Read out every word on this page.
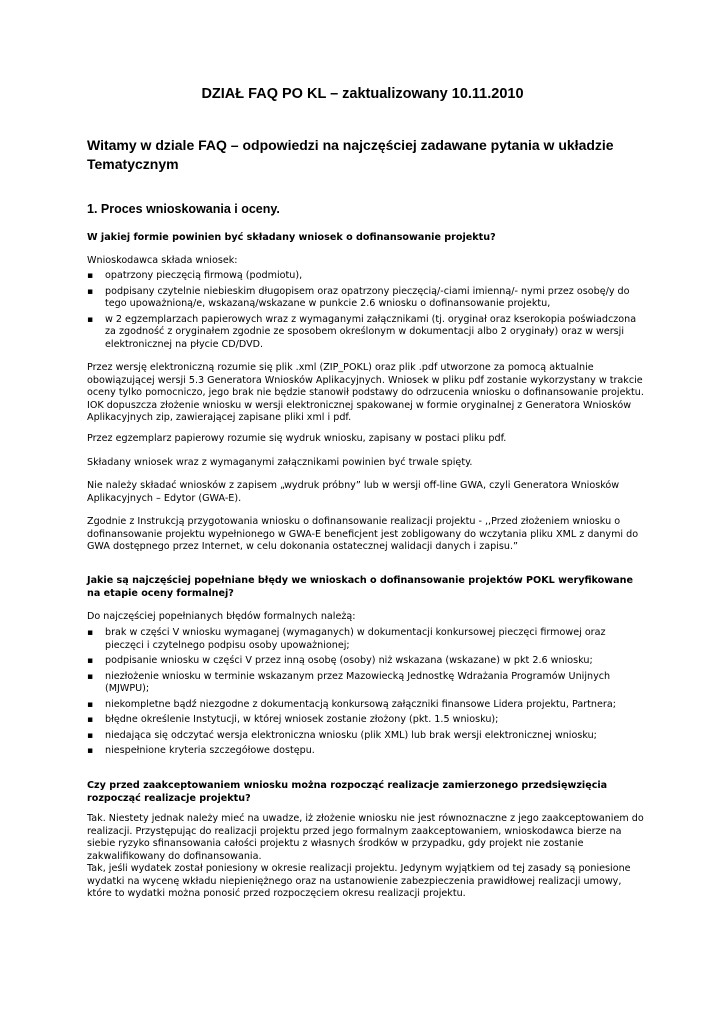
DZIAŁ FAQ PO KL – zaktualizowany 10.11.2010
Witamy w dziale FAQ – odpowiedzi na najczęściej zadawane pytania w układzie Tematycznym
1. Proces wnioskowania i oceny.
W jakiej formie powinien być składany wniosek o dofinansowanie projektu?
Wnioskodawca składa wniosek:
▪ opatrzony pieczęcią firmową (podmiotu),
▪ podpisany czytelnie niebieskim długopisem oraz opatrzony pieczęcią/-ciami imienną/- nymi przez osobę/y do tego upoważnioną/e, wskazaną/wskazane w punkcie 2.6 wniosku o dofinansowanie projektu,
▪ w 2 egzemplarzach papierowych wraz z wymaganymi załącznikami (tj. oryginał oraz kserokopia poświadczona za zgodność z oryginałem zgodnie ze sposobem określonym w dokumentacji albo 2 oryginały) oraz w wersji elektronicznej na płycie CD/DVD.
Przez wersję elektroniczną rozumie się plik .xml (ZIP_POKL) oraz plik .pdf utworzone za pomocą aktualnie obowiązującej wersji 5.3 Generatora Wniosków Aplikacyjnych. Wniosek w pliku pdf zostanie wykorzystany w trakcie oceny tylko pomocniczo, jego brak nie będzie stanowił podstawy do odrzucenia wniosku o dofinansowanie projektu. IOK dopuszcza złożenie wniosku w wersji elektronicznej spakowanej w formie oryginalnej z Generatora Wniosków Aplikacyjnych zip, zawierającej zapisane pliki xml i pdf.
Przez egzemplarz papierowy rozumie się wydruk wniosku, zapisany w postaci pliku pdf.
Składany wniosek wraz z wymaganymi załącznikami powinien być trwale spięty.
Nie należy składać wniosków z zapisem „wydruk próbny” lub w wersji off-line GWA, czyli Generatora Wniosków Aplikacyjnych – Edytor (GWA-E).
Zgodnie z Instrukcją przygotowania wniosku o dofinansowanie realizacji projektu - ,,Przed złożeniem wniosku o dofinansowanie projektu wypełnionego w GWA-E beneficjent jest zobligowany do wczytania pliku XML z danymi do GWA dostępnego przez Internet, w celu dokonania ostatecznej walidacji danych i zapisu.”
Jakie są najczęściej popełniane błędy we wnioskach o dofinansowanie projektów POKL weryfikowane na etapie oceny formalnej?
Do najczęściej popełnianych błędów formalnych należą:
▪ brak w części V wniosku wymaganej (wymaganych) w dokumentacji konkursowej pieczęci firmowej oraz pieczęci i czytelnego podpisu osoby upoważnionej;
▪ podpisanie wniosku w części V przez inną osobę (osoby) niż wskazana (wskazane) w pkt 2.6 wniosku;
▪ niezłożenie wniosku w terminie wskazanym przez Mazowiecką Jednostkę Wdrażania Programów Unijnych (MJWPU);
▪ niekompletne bądź niezgodne z dokumentacją konkursową załączniki finansowe Lidera projektu, Partnera;
▪ błędne określenie Instytucji, w której wniosek zostanie złożony (pkt. 1.5 wniosku);
▪ niedająca się odczytać wersja elektroniczna wniosku (plik XML) lub brak wersji elektronicznej wniosku;
▪ niespełnione kryteria szczegółowe dostępu.
Czy przed zaakceptowaniem wniosku można rozpocząć realizacje zamierzonego przedsięwzięcia rozpocząć realizacje projektu?
Tak. Niestety jednak należy mieć na uwadze, iż złożenie wniosku nie jest równoznaczne z jego zaakceptowaniem do realizacji. Przystępując do realizacji projektu przed jego formalnym zaakceptowaniem, wnioskodawca bierze na siebie ryzyko sfinansowania całości projektu z własnych środków w przypadku, gdy projekt nie zostanie zakwalifikowany do dofinansowania.
Tak, jeśli wydatek został poniesiony w okresie realizacji projektu. Jedynym wyjątkiem od tej zasady są poniesione wydatki na wycenę wkładu niepieniężnego oraz na ustanowienie zabezpieczenia prawidłowej realizacji umowy, które to wydatki można ponosić przed rozpoczęciem okresu realizacji projektu.
